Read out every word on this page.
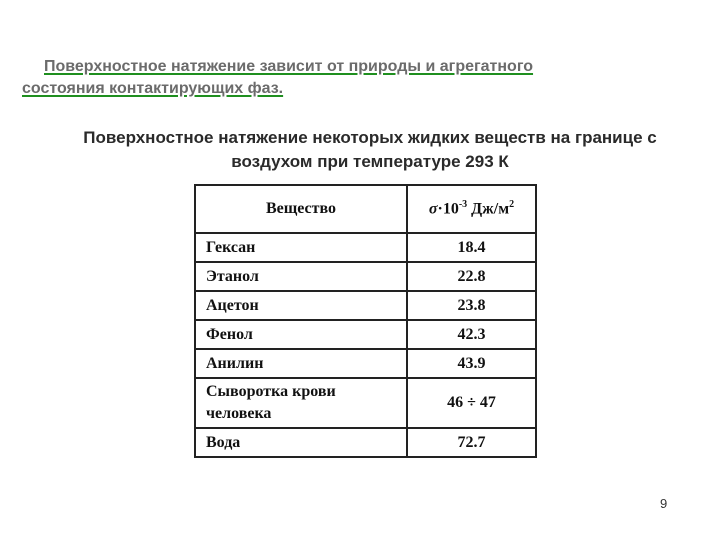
Поверхностное натяжение зависит от природы и агрегатного
состояния контактирующих фаз.
Поверхностное натяжение некоторых жидких веществ на границе с
воздухом при температуре 293 К
Вещество	$\sigma\cdot 10^{-3}$ $Дж/м^2$
Гексан	18.4
Этанол	22.8
Ацетон	23.8
Фенол	42.3
Анилин	43.9
Сыворотка крови человека	46 ÷ 47
Вода	72.7
9
